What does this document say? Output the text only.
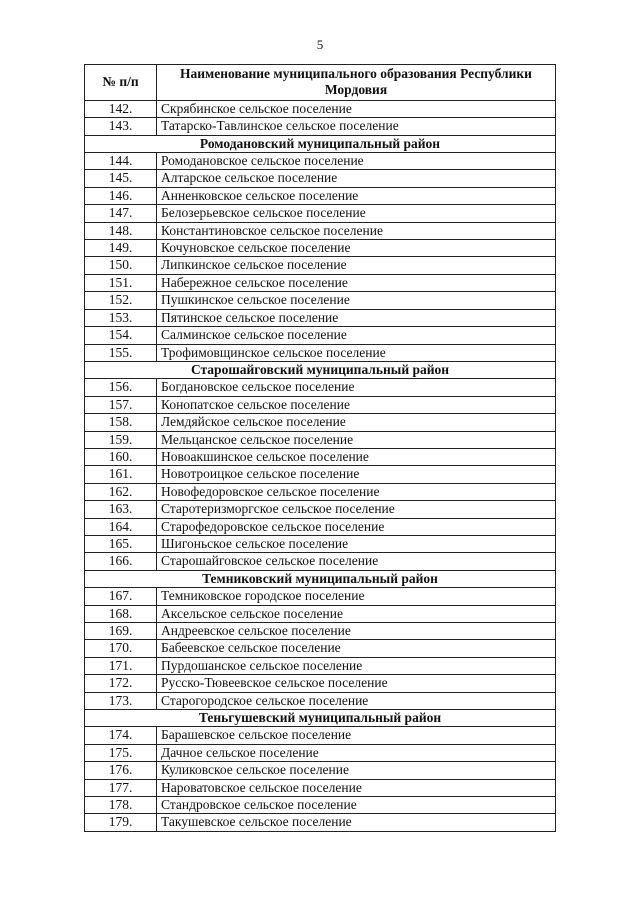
5
№ п/п	Наименование муниципального образования Республики Мордовия
142.	Скрябинское сельское поселение
143.	Татарско-Тавлинское сельское поселение
Ромодановский муниципальный район	
144.	Ромодановское сельское поселение
145.	Алтарское сельское поселение
146.	Анненковское сельское поселение
147.	Белозерьевское сельское поселение
148.	Константиновское сельское поселение
149.	Кочуновское сельское поселение
150.	Липкинское сельское поселение
151.	Набережное сельское поселение
152.	Пушкинское сельское поселение
153.	Пятинское сельское поселение
154.	Салминское сельское поселение
155.	Трофимовщинское сельское поселение
Старошайговский муниципальный район	
156.	Богдановское сельское поселение
157.	Конопатское сельское поселение
158.	Лемдяйское сельское поселение
159.	Мельцанское сельское поселение
160.	Новоакшинское сельское поселение
161.	Новотроицкое сельское поселение
162.	Новофедоровское сельское поселение
163.	Старотеризморгское сельское поселение
164.	Старофедоровское сельское поселение
165.	Шигоньское сельское поселение
166.	Старошайговское сельское поселение
Темниковский муниципальный район	
167.	Темниковское городское поселение
168.	Аксельское сельское поселение
169.	Андреевское сельское поселение
170.	Бабеевское сельское поселение
171.	Пурдошанское сельское поселение
172.	Русско-Тювеевское сельское поселение
173.	Старогородское сельское поселение
Теньгушевский муниципальный район	
174.	Барашевское сельское поселение
175.	Дачное сельское поселение
176.	Куликовское сельское поселение
177.	Нароватовское сельское поселение
178.	Стандровское сельское поселение
179.	Такушевское сельское поселение
